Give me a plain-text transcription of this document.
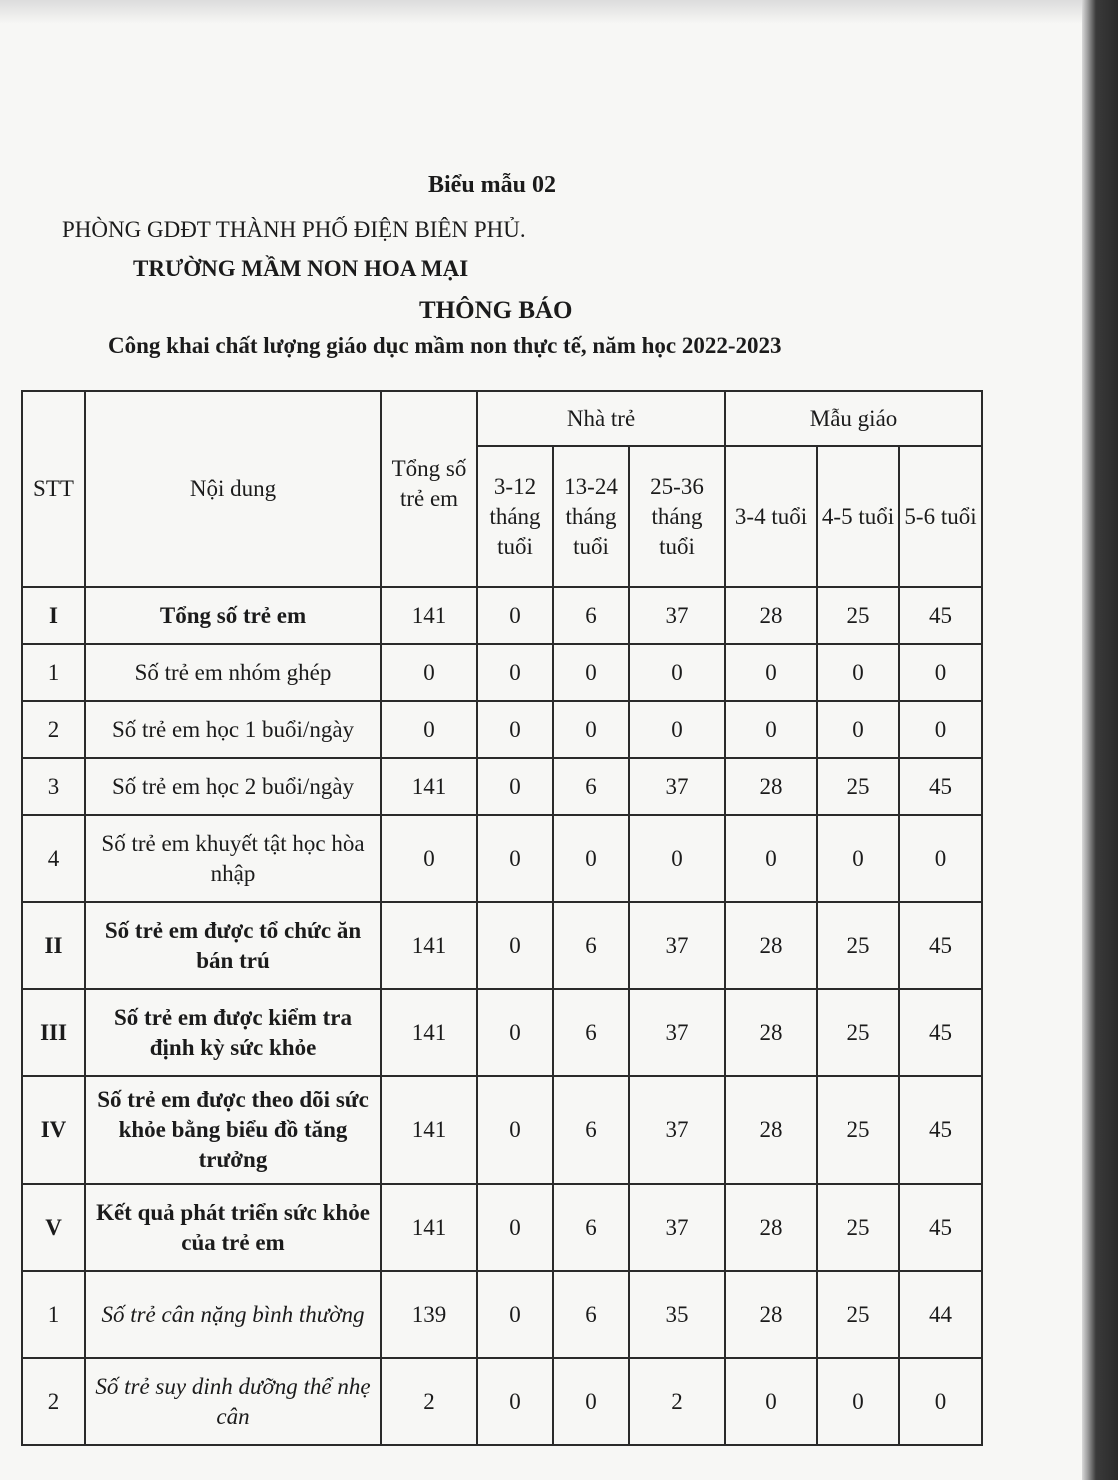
Biểu mẫu 02
PHÒNG GDĐT THÀNH PHỐ ĐIỆN BIÊN PHỦ.
TRƯỜNG MẦM NON HOA MẠI
THÔNG BÁO
Công khai chất lượng giáo dục mầm non thực tế, năm học 2022-2023
STT	Nội dung	Tổng số trẻ em	Nhà trẻ			Mẫu giáo		
			3-12 tháng tuổi	13-24 tháng tuổi	25-36 tháng tuổi	3-4 tuổi	4-5 tuổi	5-6 tuổi
I	Tổng số trẻ em	141	0	6	37	28	25	45
1	Số trẻ em nhóm ghép	0	0	0	0	0	0	0
2	Số trẻ em học 1 buổi/ngày	0	0	0	0	0	0	0
3	Số trẻ em học 2 buổi/ngày	141	0	6	37	28	25	45
4	Số trẻ em khuyết tật học hòa nhập	0	0	0	0	0	0	0
II	Số trẻ em được tổ chức ăn bán trú	141	0	6	37	28	25	45
III	Số trẻ em được kiểm tra định kỳ sức khỏe	141	0	6	37	28	25	45
IV	Số trẻ em được theo dõi sức khỏe bằng biểu đồ tăng trưởng	141	0	6	37	28	25	45
V	Kết quả phát triển sức khỏe của trẻ em	141	0	6	37	28	25	45
1	Số trẻ cân nặng bình thường	139	0	6	35	28	25	44
2	Số trẻ suy dinh dưỡng thể nhẹ cân	2	0	0	2	0	0	0
